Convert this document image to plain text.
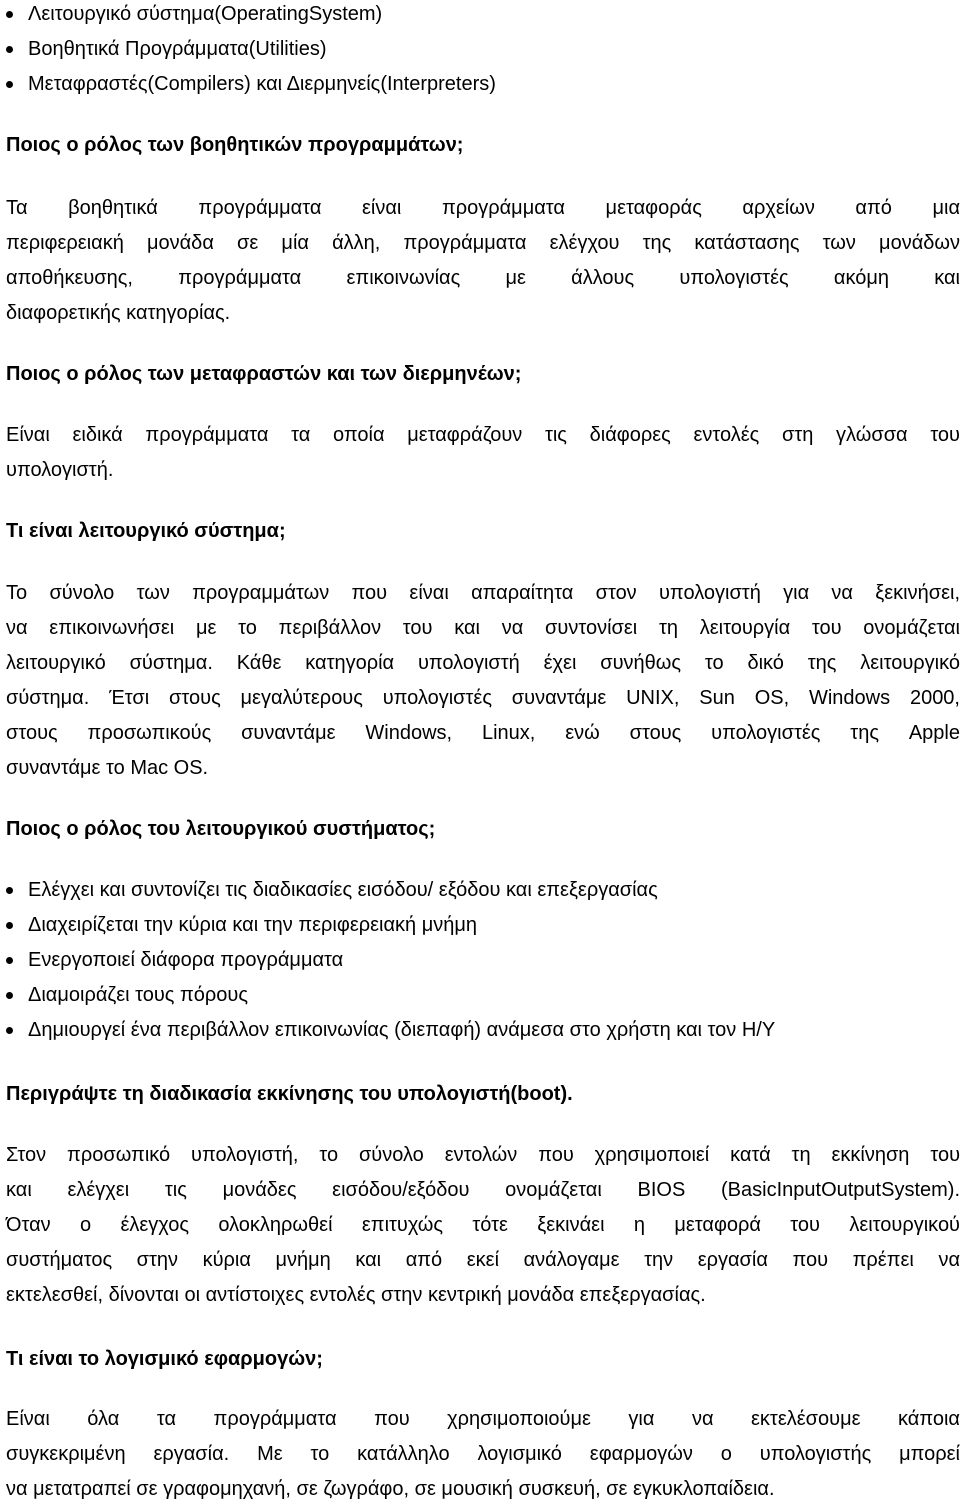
Λειτουργικό σύστημα(OperatingSystem)
Βοηθητικά Προγράμματα(Utilities)
Μεταφραστές(Compilers) και Διερμηνείς(Interpreters)
Ποιος ο ρόλος των βοηθητικών προγραμμάτων;
Τα βοηθητικά προγράμματα είναι προγράμματα μεταφοράς αρχείων από μια
περιφερειακή μονάδα σε μία άλλη, προγράμματα ελέγχου της κατάστασης των μονάδων
αποθήκευσης, προγράμματα επικοινωνίας με άλλους υπολογιστές ακόμη και
διαφορετικής κατηγορίας.
Ποιος ο ρόλος των μεταφραστών και των διερμηνέων;
Είναι ειδικά προγράμματα τα οποία μεταφράζουν τις διάφορες εντολές στη γλώσσα του
υπολογιστή.
Τι είναι λειτουργικό σύστημα;
Το σύνολο των προγραμμάτων που είναι απαραίτητα στον υπολογιστή για να ξεκινήσει,
να επικοινωνήσει με το περιβάλλον του και να συντονίσει τη λειτουργία του ονομάζεται
λειτουργικό σύστημα. Κάθε κατηγορία υπολογιστή έχει συνήθως το δικό της λειτουργικό
σύστημα. Έτσι στους μεγαλύτερους υπολογιστές συναντάμε UNIX, Sun OS, Windows 2000,
στους προσωπικούς συναντάμε Windows, Linux, ενώ στους υπολογιστές της Apple
συναντάμε το Mac OS.
Ποιος ο ρόλος του λειτουργικού συστήματος;
Ελέγχει και συντονίζει τις διαδικασίες εισόδου/ εξόδου και επεξεργασίας
Διαχειρίζεται την κύρια και την περιφερειακή μνήμη
Ενεργοποιεί διάφορα προγράμματα
Διαμοιράζει τους πόρους
Δημιουργεί ένα περιβάλλον επικοινωνίας (διεπαφή) ανάμεσα στο χρήστη και τον Η/Υ
Περιγράψτε τη διαδικασία εκκίνησης του υπολογιστή(boot).
Στον προσωπικό υπολογιστή, το σύνολο εντολών που χρησιμοποιεί κατά τη εκκίνηση του
και ελέγχει τις μονάδες εισόδου/εξόδου ονομάζεται BIOS (BasicInputOutputSystem).
Όταν ο έλεγχος ολοκληρωθεί επιτυχώς τότε ξεκινάει η μεταφορά του λειτουργικού
συστήματος στην κύρια μνήμη και από εκεί ανάλογαμε την εργασία που πρέπει να
εκτελεσθεί, δίνονται οι αντίστοιχες εντολές στην κεντρική μονάδα επεξεργασίας.
Τι είναι το λογισμικό εφαρμογών;
Είναι όλα τα προγράμματα που χρησιμοποιούμε για να εκτελέσουμε κάποια
συγκεκριμένη εργασία. Με το κατάλληλο λογισμικό εφαρμογών ο υπολογιστής μπορεί
να μετατραπεί σε γραφομηχανή, σε ζωγράφο, σε μουσική συσκευή, σε εγκυκλοπαίδεια.
